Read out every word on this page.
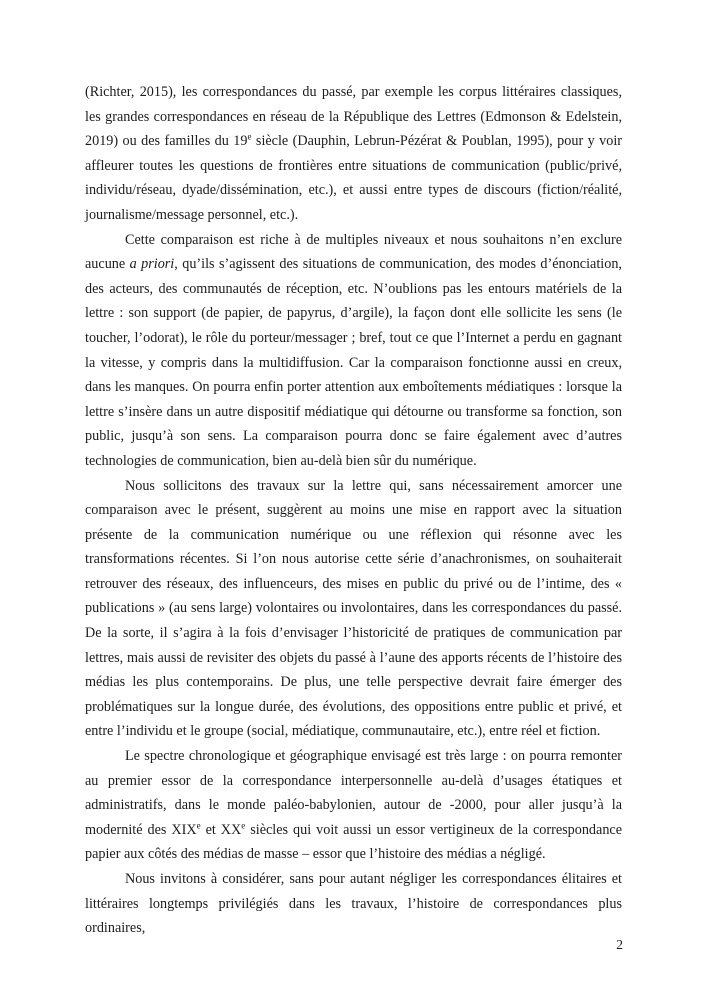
(Richter, 2015), les correspondances du passé, par exemple les corpus littéraires classiques, les grandes correspondances en réseau de la République des Lettres (Edmonson & Edelstein, 2019) ou des familles du 19e siècle (Dauphin, Lebrun-Pézérat & Poublan, 1995), pour y voir affleurer toutes les questions de frontières entre situations de communication (public/privé, individu/réseau, dyade/dissémination, etc.), et aussi entre types de discours (fiction/réalité, journalisme/message personnel, etc.).

Cette comparaison est riche à de multiples niveaux et nous souhaitons n’en exclure aucune a priori, qu’ils s’agissent des situations de communication, des modes d’énonciation, des acteurs, des communautés de réception, etc. N’oublions pas les entours matériels de la lettre : son support (de papier, de papyrus, d’argile), la façon dont elle sollicite les sens (le toucher, l’odorat), le rôle du porteur/messager ; bref, tout ce que l’Internet a perdu en gagnant la vitesse, y compris dans la multidiffusion. Car la comparaison fonctionne aussi en creux, dans les manques. On pourra enfin porter attention aux emboîtements médiatiques : lorsque la lettre s’insère dans un autre dispositif médiatique qui détourne ou transforme sa fonction, son public, jusqu’à son sens. La comparaison pourra donc se faire également avec d’autres technologies de communication, bien au-delà bien sûr du numérique.

Nous sollicitons des travaux sur la lettre qui, sans nécessairement amorcer une comparaison avec le présent, suggèrent au moins une mise en rapport avec la situation présente de la communication numérique ou une réflexion qui résonne avec les transformations récentes. Si l’on nous autorise cette série d’anachronismes, on souhaiterait retrouver des réseaux, des influenceurs, des mises en public du privé ou de l’intime, des « publications » (au sens large) volontaires ou involontaires, dans les correspondances du passé. De la sorte, il s’agira à la fois d’envisager l’historicité de pratiques de communication par lettres, mais aussi de revisiter des objets du passé à l’aune des apports récents de l’histoire des médias les plus contemporains. De plus, une telle perspective devrait faire émerger des problématiques sur la longue durée, des évolutions, des oppositions entre public et privé, et entre l’individu et le groupe (social, médiatique, communautaire, etc.), entre réel et fiction.

Le spectre chronologique et géographique envisagé est très large : on pourra remonter au premier essor de la correspondance interpersonnelle au-delà d’usages étatiques et administratifs, dans le monde paléo-babylonien, autour de -2000, pour aller jusqu’à la modernité des XIXe et XXe siècles qui voit aussi un essor vertigineux de la correspondance papier aux côtés des médias de masse – essor que l’histoire des médias a négligé.

Nous invitons à considérer, sans pour autant négliger les correspondances élitaires et littéraires longtemps privilégiés dans les travaux, l’histoire de correspondances plus ordinaires,

2
